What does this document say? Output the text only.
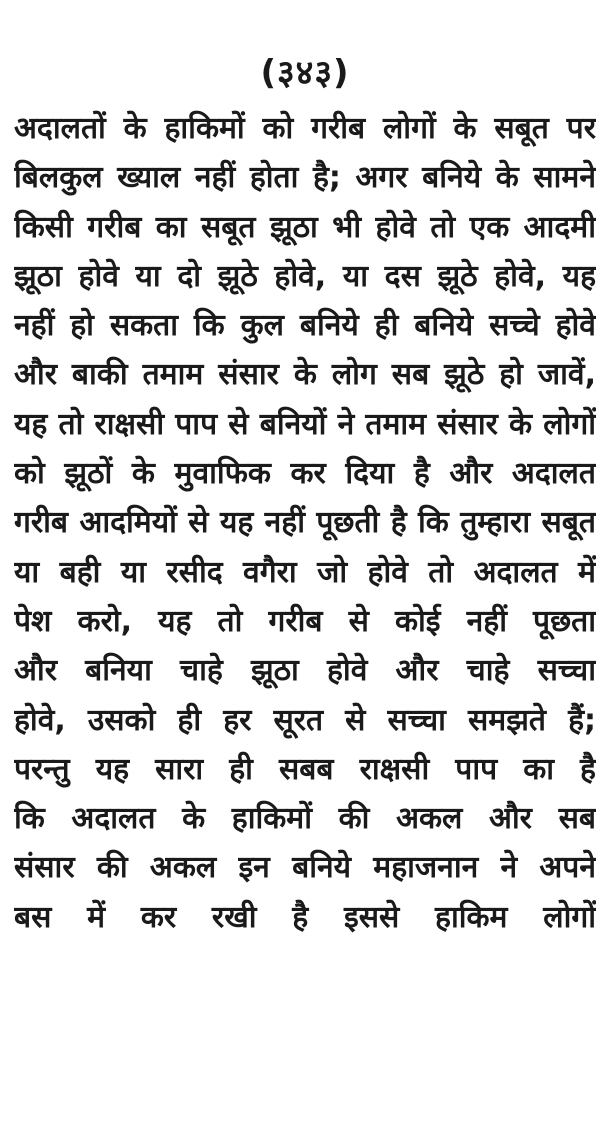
(३४३)
अदालतों के हाकिमों को गरीब लोगों के सबूत पर
बिलकुल ख्याल नहीं होता है; अगर बनिये के सामने
किसी गरीब का सबूत झूठा भी होवे तो एक आदमी
झूठा होवे या दो झूठे होवे, या दस झूठे होवे, यह
नहीं हो सकता कि कुल बनिये ही बनिये सच्चे होवे
और बाकी तमाम संसार के लोग सब झूठे हो जावें,
यह तो राक्षसी पाप से बनियों ने तमाम संसार के लोगों
को झूठों के मुवाफिक कर दिया है और अदालत
गरीब आदमियों से यह नहीं पूछती है कि तुम्हारा सबूत
या बही या रसीद वगैरा जो होवे तो अदालत में
पेश करो, यह तो गरीब से कोई नहीं पूछता
और बनिया चाहे झूठा होवे और चाहे सच्चा
होवे, उसको ही हर सूरत से सच्चा समझते हैं;
परन्तु यह सारा ही सबब राक्षसी पाप का है
कि अदालत के हाकिमों की अकल और सब
संसार की अकल इन बनिये महाजनान ने अपने
बस में कर रखी है इससे हाकिम लोगों
